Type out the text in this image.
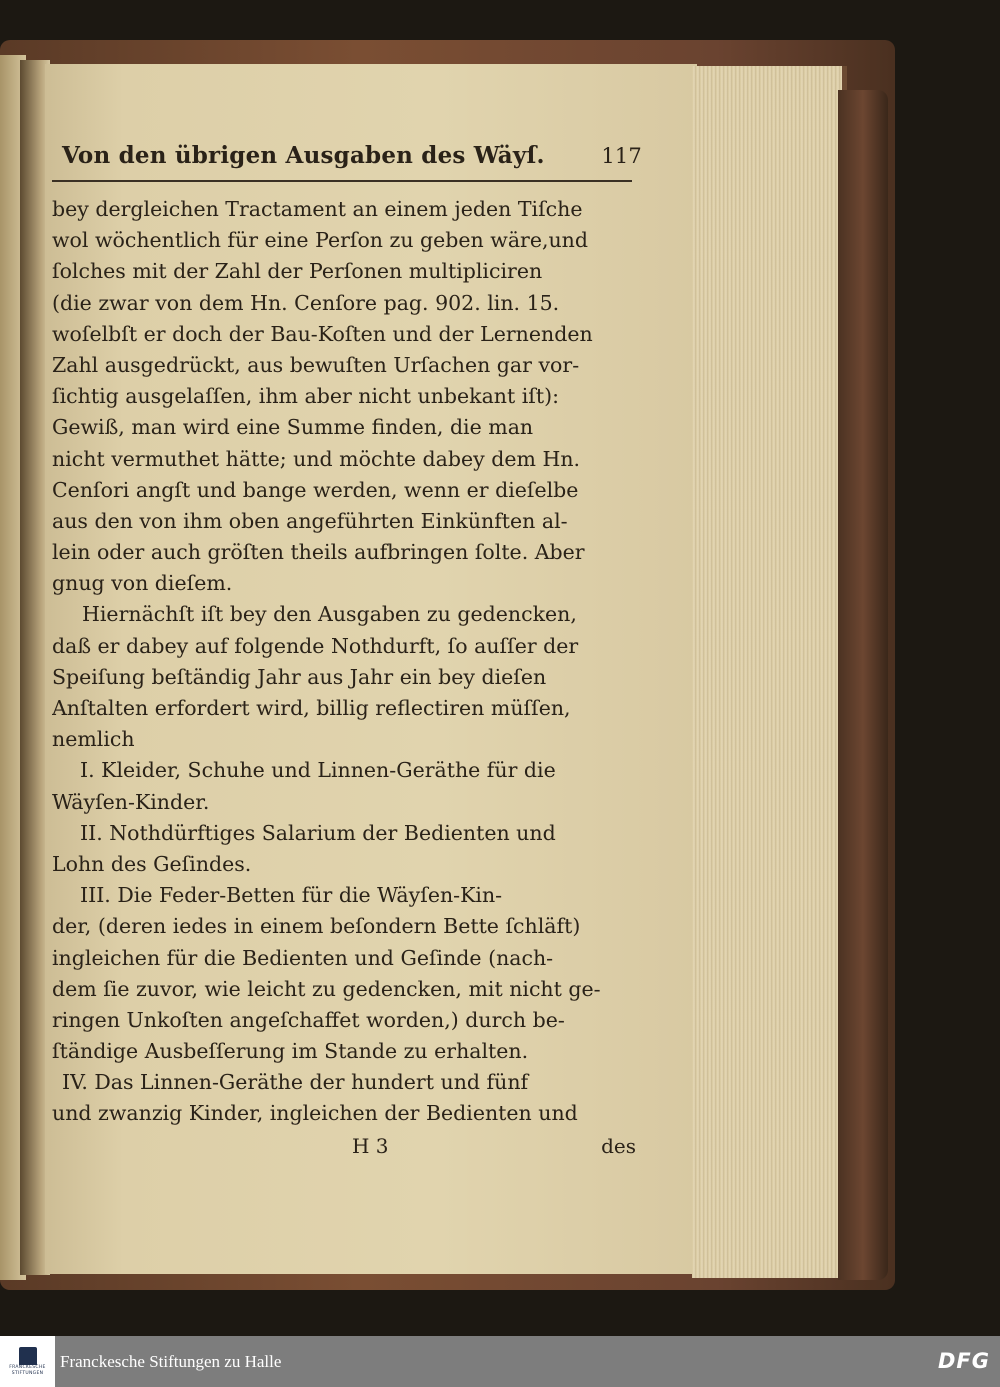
Von den übrigen Ausgaben des Wäyſ.	117
bey dergleichen Tractament an einem jeden Tiſche
wol wöchentlich für eine Perſon zu geben wäre,und
ſolches mit der Zahl der Perſonen multipliciren
(die zwar von dem Hn. Cenſore pag. 902. lin. 15.
woſelbſt er doch der Bau-Koſten und der Lernenden
Zahl ausgedrückt, aus bewuſten Urſachen gar vor-
ſichtig ausgelaſſen, ihm aber nicht unbekant iſt):
Gewiß, man wird eine Summe finden, die man
nicht vermuthet hätte; und möchte dabey dem Hn.
Cenſori angſt und bange werden, wenn er dieſelbe
aus den von ihm oben angeführten Einkünften al-
lein oder auch gröſten theils aufbringen ſolte. Aber
gnug von dieſem.
Hiernächſt iſt bey den Ausgaben zu gedencken,
daß er dabey auf folgende Nothdurft, ſo auſſer der
Speiſung beſtändig Jahr aus Jahr ein bey dieſen
Anſtalten erfordert wird, billig reflectiren müſſen,
nemlich
I. Kleider, Schuhe und Linnen-Geräthe für die
Wäyſen-Kinder.
II. Nothdürftiges Salarium der Bedienten und
Lohn des Geſindes.
III. Die Feder-Betten für die Wäyſen-Kin-
der, (deren iedes in einem beſondern Bette ſchläft)
ingleichen für die Bedienten und Geſinde (nach-
dem ſie zuvor, wie leicht zu gedencken, mit nicht ge-
ringen Unkoſten angeſchaffet worden,) durch be-
ſtändige Ausbeſſerung im Stande zu erhalten.
IV. Das Linnen-Geräthe der hundert und fünf
und zwanzig Kinder, ingleichen der Bedienten und
H 3	des
FRANCKESCHE
STIFTUNGEN
Franckesche Stiftungen zu Halle	DFG
